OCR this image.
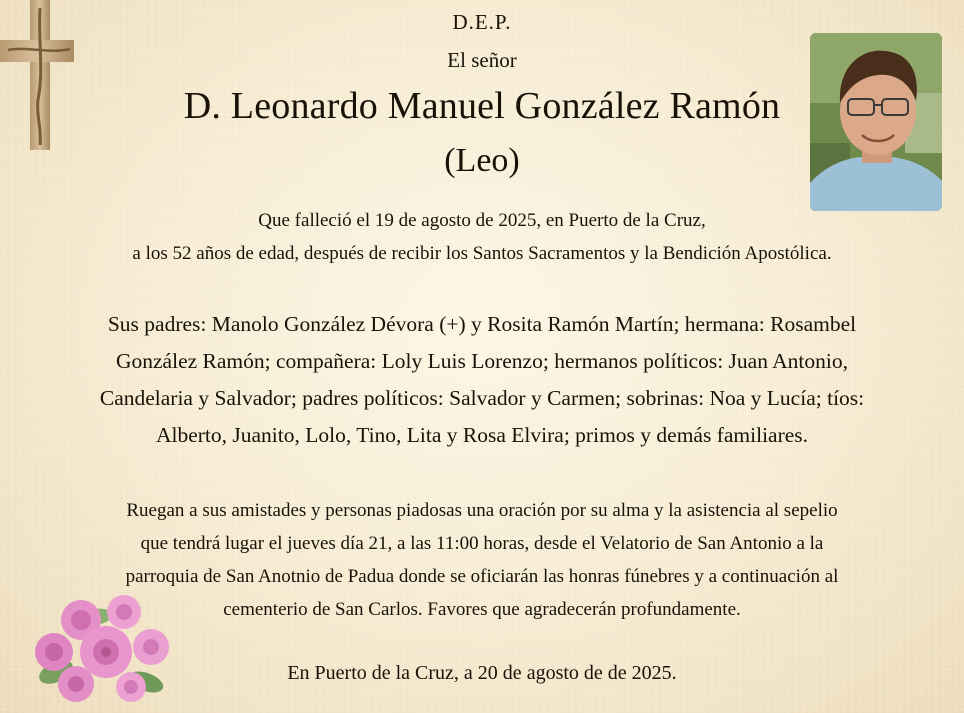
D.E.P.
El señor
D. Leonardo Manuel González Ramón
(Leo)
Que falleció el 19 de agosto de 2025, en Puerto de la Cruz,
a los 52 años de edad, después de recibir los Santos Sacramentos y la Bendición Apostólica.
Sus padres: Manolo González Dévora (+) y Rosita Ramón Martín; hermana: Rosambel
González Ramón; compañera: Loly Luis Lorenzo; hermanos políticos: Juan Antonio,
Candelaria y Salvador; padres políticos: Salvador y Carmen; sobrinas: Noa y Lucía; tíos:
Alberto, Juanito, Lolo, Tino, Lita y Rosa Elvira; primos y demás familiares.
Ruegan a sus amistades y personas piadosas una oración por su alma y la asistencia al sepelio
que tendrá lugar el jueves día 21, a las 11:00 horas, desde el Velatorio de San Antonio a la
parroquia de San Anotnio de Padua donde se oficiarán las honras fúnebres y a continuación al
cementerio de San Carlos. Favores que agradecerán profundamente.
En Puerto de la Cruz, a 20 de agosto de de 2025.
